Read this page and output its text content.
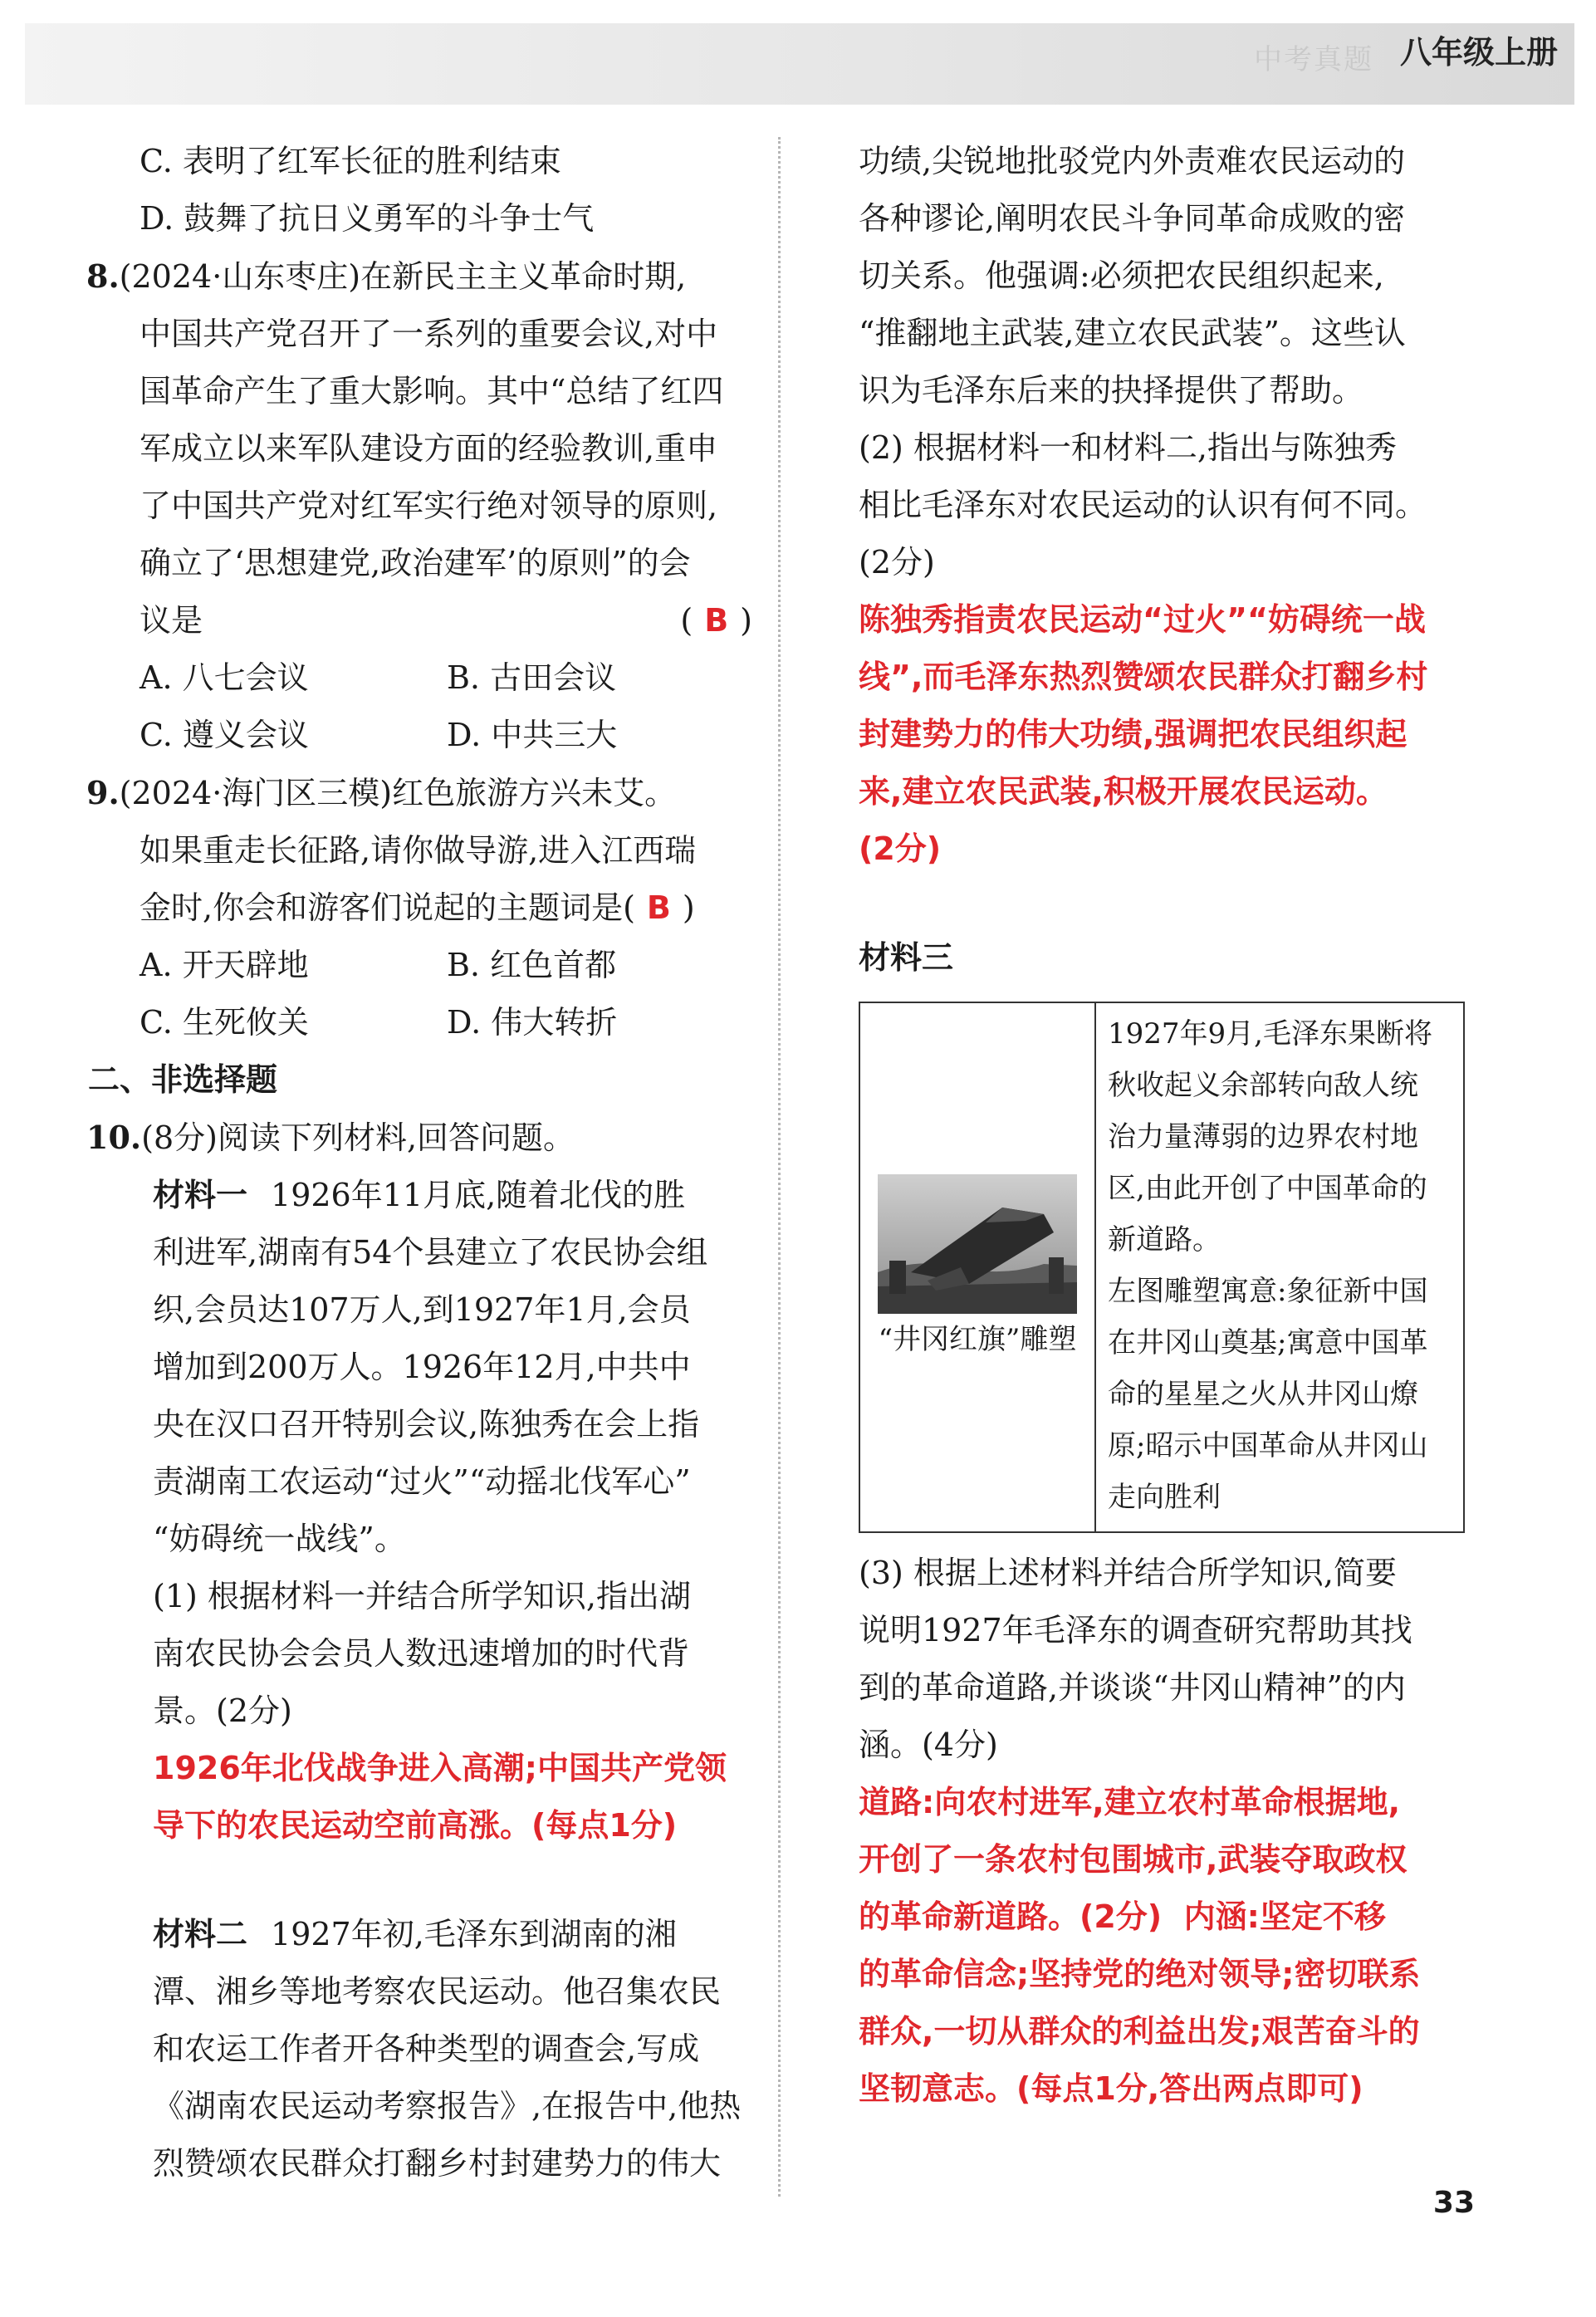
中考真题 八年级上册
C. 表明了红军长征的胜利结束
D. 鼓舞了抗日义勇军的斗争士气
8.(2024·山东枣庄)在新民主主义革命时期,
中国共产党召开了一系列的重要会议,对中
国革命产生了重大影响。其中“总结了红四
军成立以来军队建设方面的经验教训,重申
了中国共产党对红军实行绝对领导的原则,
确立了‘思想建党,政治建军’的原则”的会
议是	( B )
A. 八七会议	B. 古田会议
C. 遵义会议	D. 中共三大
9.(2024·海门区三模)红色旅游方兴未艾。
如果重走长征路,请你做导游,进入江西瑞
金时,你会和游客们说起的主题词是( B )
A. 开天辟地	B. 红色首都
C. 生死攸关	D. 伟大转折
二、非选择题
10.(8分)阅读下列材料,回答问题。
材料一 1926年11月底,随着北伐的胜
利进军,湖南有54个县建立了农民协会组
织,会员达107万人,到1927年1月,会员
增加到200万人。1926年12月,中共中
央在汉口召开特别会议,陈独秀在会上指
责湖南工农运动“过火”“动摇北伐军心”
“妨碍统一战线”。
(1) 根据材料一并结合所学知识,指出湖
南农民协会会员人数迅速增加的时代背
景。(2分)
1926年北伐战争进入高潮;中国共产党领
导下的农民运动空前高涨。(每点1分)
材料二 1927年初,毛泽东到湖南的湘
潭、湘乡等地考察农民运动。他召集农民
和农运工作者开各种类型的调查会,写成
《湖南农民运动考察报告》,在报告中,他热
烈赞颂农民群众打翻乡村封建势力的伟大
功绩,尖锐地批驳党内外责难农民运动的
各种谬论,阐明农民斗争同革命成败的密
切关系。他强调:必须把农民组织起来,
“推翻地主武装,建立农民武装”。这些认
识为毛泽东后来的抉择提供了帮助。
(2) 根据材料一和材料二,指出与陈独秀
相比毛泽东对农民运动的认识有何不同。
(2分)
陈独秀指责农民运动“过火”“妨碍统一战
线”,而毛泽东热烈赞颂农民群众打翻乡村
封建势力的伟大功绩,强调把农民组织起
来,建立农民武装,积极开展农民运动。
(2分)
材料三
“井冈红旗”雕塑

1927年9月,毛泽东果断将
秋收起义余部转向敌人统
治力量薄弱的边界农村地
区,由此开创了中国革命的
新道路。
左图雕塑寓意:象征新中国
在井冈山奠基;寓意中国革
命的星星之火从井冈山燎
原;昭示中国革命从井冈山
走向胜利
(3) 根据上述材料并结合所学知识,简要
说明1927年毛泽东的调查研究帮助其找
到的革命道路,并谈谈“井冈山精神”的内
涵。(4分)
道路:向农村进军,建立农村革命根据地,
开创了一条农村包围城市,武装夺取政权
的革命新道路。(2分)  内涵:坚定不移
的革命信念;坚持党的绝对领导;密切联系
群众,一切从群众的利益出发;艰苦奋斗的
坚韧意志。(每点1分,答出两点即可)
33
